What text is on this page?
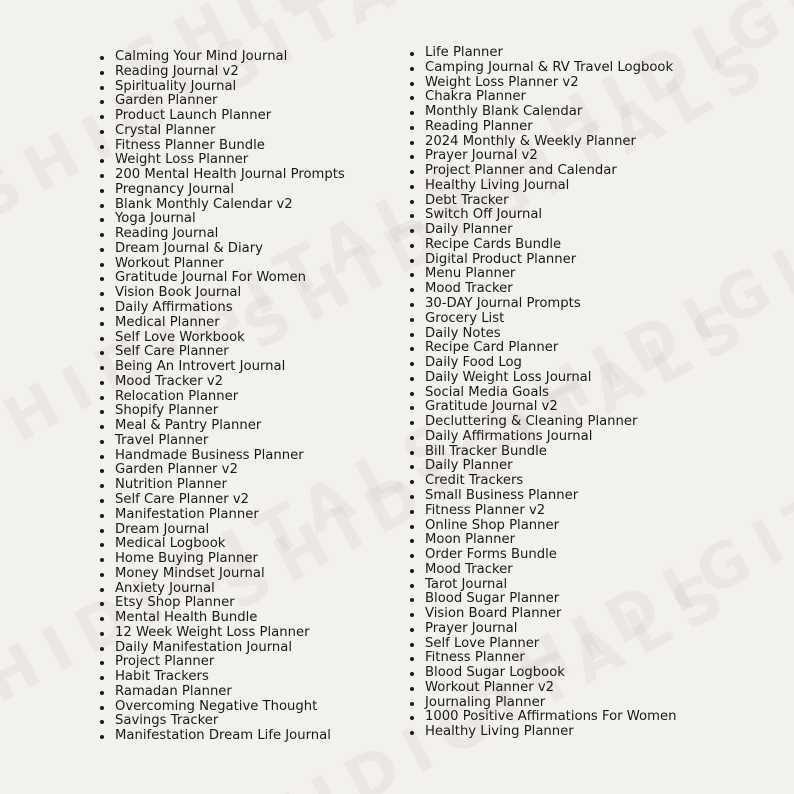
Calming Your Mind Journal
Reading Journal v2
Spirituality Journal
Garden Planner
Product Launch Planner
Crystal Planner
Fitness Planner Bundle
Weight Loss Planner
200 Mental Health Journal Prompts
Pregnancy Journal
Blank Monthly Calendar v2
Yoga Journal
Reading Journal
Dream Journal & Diary
Workout Planner
Gratitude Journal For Women
Vision Book Journal
Daily Affirmations
Medical Planner
Self Love Workbook
Self Care Planner
Being An Introvert Journal
Mood Tracker v2
Relocation Planner
Shopify Planner
Meal & Pantry Planner
Travel Planner
Handmade Business Planner
Garden Planner v2
Nutrition Planner
Self Care Planner v2
Manifestation Planner
Dream Journal
Medical Logbook
Home Buying Planner
Money Mindset Journal
Anxiety Journal
Etsy Shop Planner
Mental Health Bundle
12 Week Weight Loss Planner
Daily Manifestation Journal
Project Planner
Habit Trackers
Ramadan Planner
Overcoming Negative Thought
Savings Tracker
Manifestation Dream Life Journal
Life Planner
Camping Journal & RV Travel Logbook
Weight Loss Planner v2
Chakra Planner
Monthly Blank Calendar
Reading Planner
2024 Monthly & Weekly Planner
Prayer Journal v2
Project Planner and Calendar
Healthy Living Journal
Debt Tracker
Switch Off Journal
Daily Planner
Recipe Cards Bundle
Digital Product Planner
Menu Planner
Mood Tracker
30-DAY Journal Prompts
Grocery List
Daily Notes
Recipe Card Planner
Daily Food Log
Daily Weight Loss Journal
Social Media Goals
Gratitude Journal v2
Decluttering & Cleaning Planner
Daily Affirmations Journal
Bill Tracker Bundle
Daily Planner
Credit Trackers
Small Business Planner
Fitness Planner v2
Online Shop Planner
Moon Planner
Order Forms Bundle
Mood Tracker
Tarot Journal
Blood Sugar Planner
Vision Board Planner
Prayer Journal
Self Love Planner
Fitness Planner
Blood Sugar Logbook
Workout Planner v2
Journaling Planner
1000 Positive Affirmations For Women
Healthy Living Planner
